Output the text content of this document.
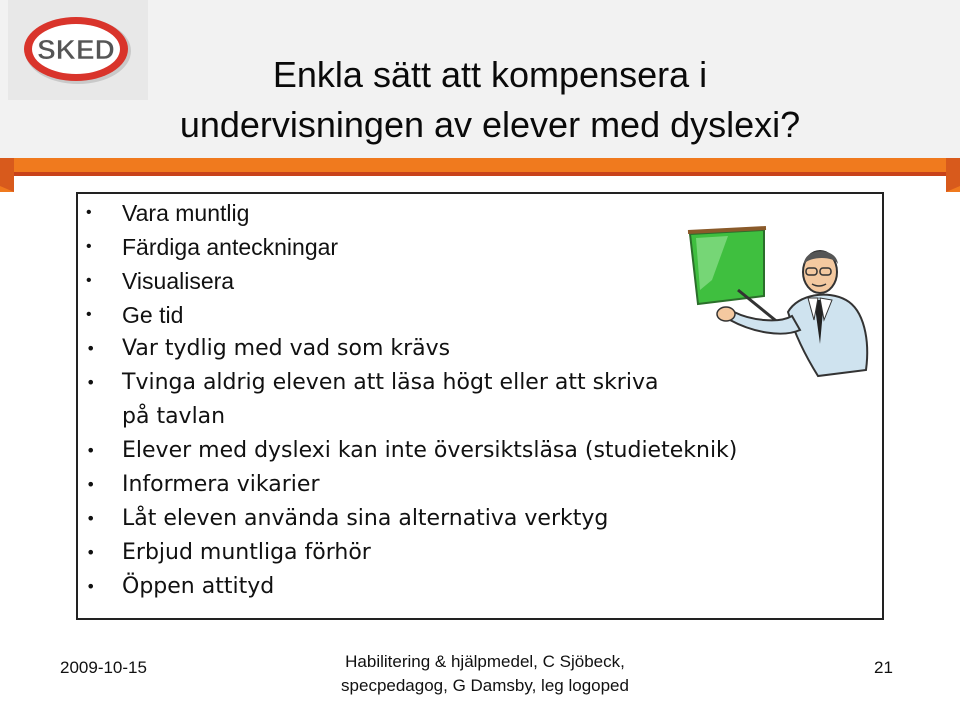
SKED
Enkla sätt att kompensera i
undervisningen av elever med dyslexi?
• Vara muntlig
• Färdiga anteckningar
• Visualisera
• Ge tid
• Var tydlig med vad som krävs
• Tvinga aldrig eleven att läsa högt eller att skriva på tavlan
• Elever med dyslexi kan inte översiktsläsa (studieteknik)
• Informera vikarier
• Låt eleven använda sina alternativa verktyg
• Erbjud muntliga förhör
• Öppen attityd
2009-10-15	Habilitering & hjälpmedel, C Sjöbeck,
specpedagog, G Damsby, leg logoped
21
